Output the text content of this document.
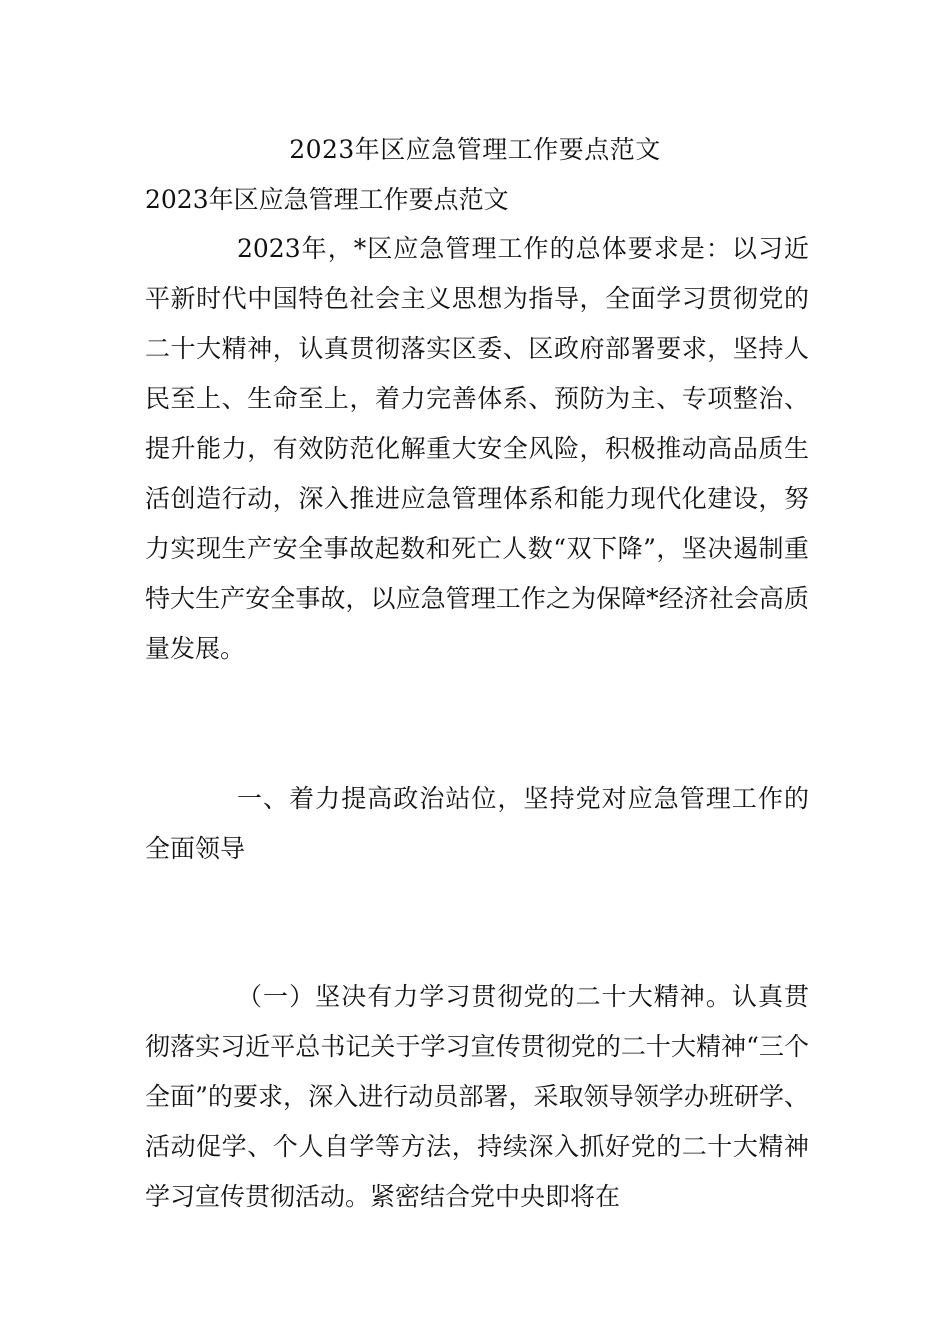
2023年区应急管理工作要点范文
2023年区应急管理工作要点范文

2023年，*区应急管理工作的总体要求是：以习近平新时代中国特色社会主义思想为指导，全面学习贯彻党的二十大精神，认真贯彻落实区委、区政府部署要求，坚持人民至上、生命至上，着力完善体系、预防为主、专项整治、提升能力，有效防范化解重大安全风险，积极推动高品质生活创造行动，深入推进应急管理体系和能力现代化建设，努力实现生产安全事故起数和死亡人数“双下降”，坚决遏制重特大生产安全事故，以应急管理工作之为保障*经济社会高质量发展。

一、着力提高政治站位，坚持党对应急管理工作的全面领导

（一）坚决有力学习贯彻党的二十大精神。认真贯彻落实习近平总书记关于学习宣传贯彻党的二十大精神“三个全面”的要求，深入进行动员部署，采取领导领学办班研学、活动促学、个人自学等方法，持续深入抓好党的二十大精神学习宣传贯彻活动。紧密结合党中央即将在
